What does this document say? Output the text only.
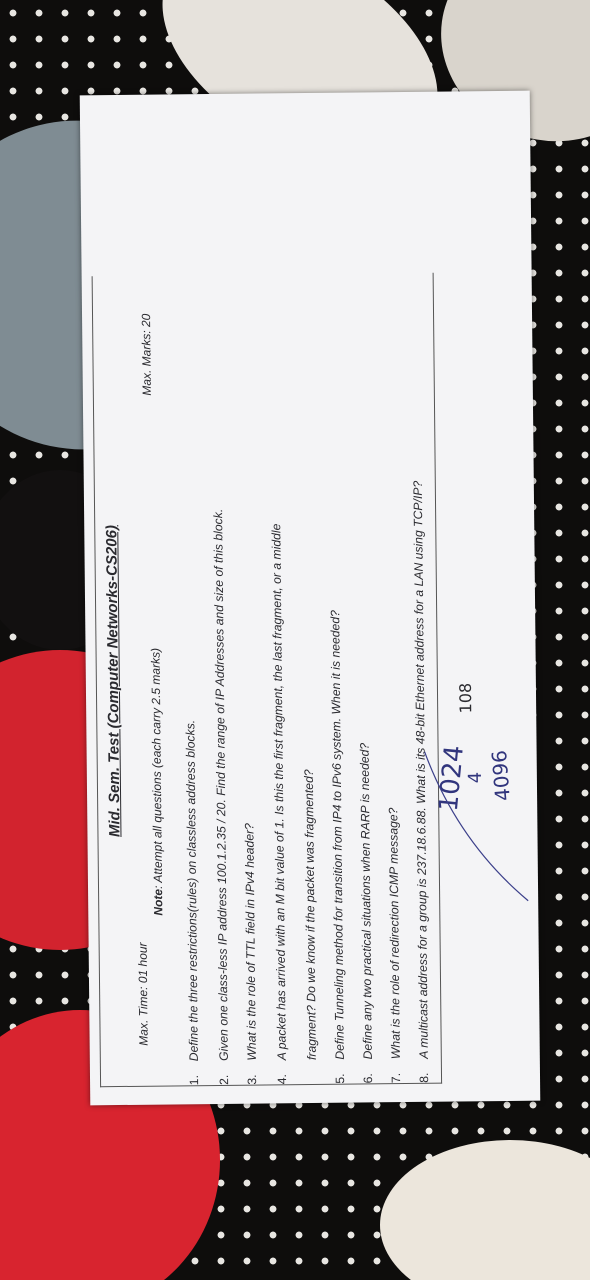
Mid. Sem. Test (Computer Networks-CS206)
Max. Time: 01 hour
Max. Marks: 20
Note: Attempt all questions (each carry 2.5 marks)
1.
Define the three restrictions(rules) on classless address blocks.
2.
Given one class-less IP address 100.1.2.35 / 20. Find the range of IP Addresses and size of this block.
3.
What is the role of TTL field in IPv4 header?
4.
A packet has arrived with an M bit value of 1. Is this the first fragment, the last fragment, or a middle fragment? Do we know if the packet was fragmented?
5.
Define Tunneling method for transition from IP4 to IPv6 system. When it is needed?
6.
Define any two practical situations when RARP is needed?
7.
What is the role of redirection ICMP message?
8.
A multicast address for a group is 237.18.6.88. What is its 48-bit Ethernet address for a LAN using TCP/IP? 1024
4 4096
108
